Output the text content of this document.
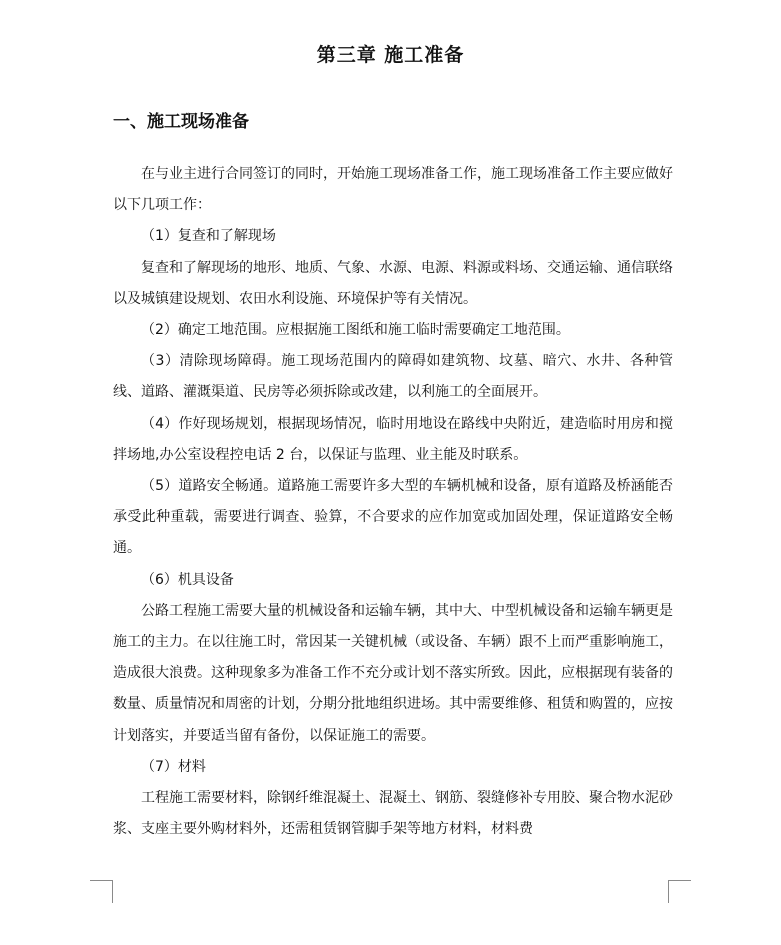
第三章 施工准备
一、施工现场准备

在与业主进行合同签订的同时，开始施工现场准备工作，施工现场准备工作主要应做好以下几项工作：

（1）复查和了解现场

复查和了解现场的地形、地质、气象、水源、电源、料源或料场、交通运输、通信联络以及城镇建设规划、农田水利设施、环境保护等有关情况。

（2）确定工地范围。应根据施工图纸和施工临时需要确定工地范围。

（3）清除现场障碍。施工现场范围内的障碍如建筑物、坟墓、暗穴、水井、各种管线、道路、灌溉渠道、民房等必须拆除或改建，以利施工的全面展开。

（4）作好现场规划，根据现场情况，临时用地设在路线中央附近，建造临时用房和搅拌场地,办公室设程控电话 2 台，以保证与监理、业主能及时联系。

（5）道路安全畅通。道路施工需要许多大型的车辆机械和设备，原有道路及桥涵能否承受此种重载，需要进行调查、验算，不合要求的应作加宽或加固处理，保证道路安全畅通。

（6）机具设备

公路工程施工需要大量的机械设备和运输车辆，其中大、中型机械设备和运输车辆更是施工的主力。在以往施工时，常因某一关键机械（或设备、车辆）跟不上而严重影响施工，造成很大浪费。这种现象多为准备工作不充分或计划不落实所致。因此，应根据现有装备的数量、质量情况和周密的计划，分期分批地组织进场。其中需要维修、租赁和购置的，应按计划落实，并要适当留有备份，以保证施工的需要。

（7）材料

工程施工需要材料，除钢纤维混凝土、混凝土、钢筋、裂缝修补专用胶、聚合物水泥砂浆、支座主要外购材料外，还需租赁钢管脚手架等地方材料，材料费
